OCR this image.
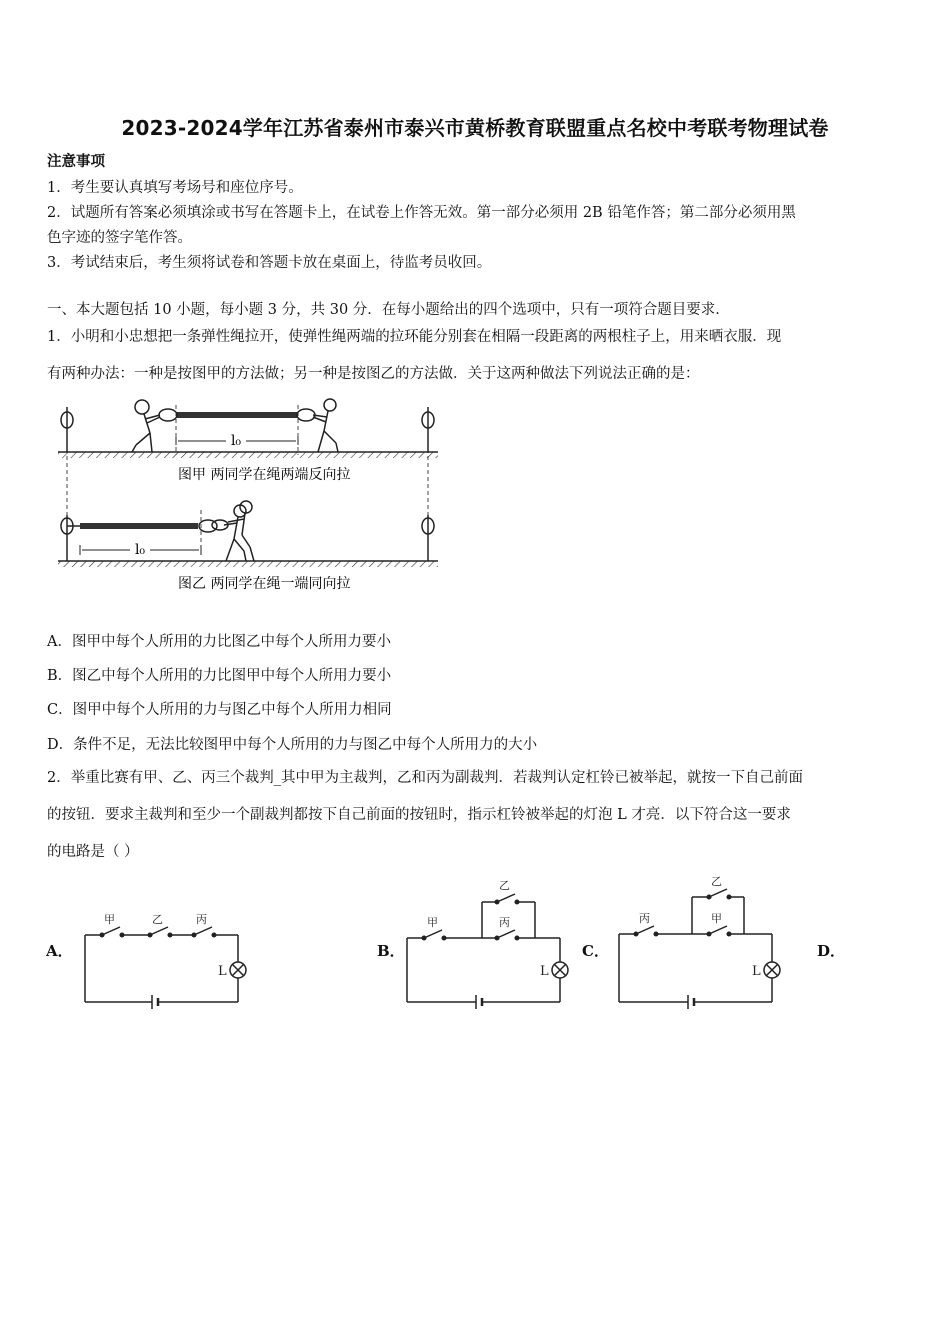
2023-2024学年江苏省泰州市泰兴市黄桥教育联盟重点名校中考联考物理试卷
注意事项
1．考生要认真填写考场号和座位序号。
2．试题所有答案必须填涂或书写在答题卡上，在试卷上作答无效。第一部分必须用 2B 铅笔作答；第二部分必须用黑
色字迹的签字笔作答。
3．考试结束后，考生须将试卷和答题卡放在桌面上，待监考员收回。
一、本大题包括 10 小题，每小题 3 分，共 30 分．在每小题给出的四个选项中，只有一项符合题目要求．
1．小明和小忠想把一条弹性绳拉开，使弹性绳两端的拉环能分别套在相隔一段距离的两根柱子上，用来晒衣服．现
有两种办法：一种是按图甲的方法做；另一种是按图乙的方法做．关于这两种做法下列说法正确的是：
l₀
图甲 两同学在绳两端反向拉
l₀
图乙 两同学在绳一端同向拉
A．图甲中每个人所用的力比图乙中每个人所用力要小
B．图乙中每个人所用的力比图甲中每个人所用力要小
C．图甲中每个人所用的力与图乙中每个人所用力相同
D．条件不足，无法比较图甲中每个人所用的力与图乙中每个人所用力的大小
2．举重比赛有甲、乙、丙三个裁判_其中甲为主裁判，乙和丙为副裁判．若裁判认定杠铃已被举起，就按一下自己前面
的按钮．要求主裁判和至少一个副裁判都按下自己前面的按钮时，指示杠铃被举起的灯泡 L 才亮．以下符合这一要求
的电路是（ ）
A．	B．	C．	D．
甲	乙	丙
L
甲
乙
丙
L
丙
乙
甲
L
